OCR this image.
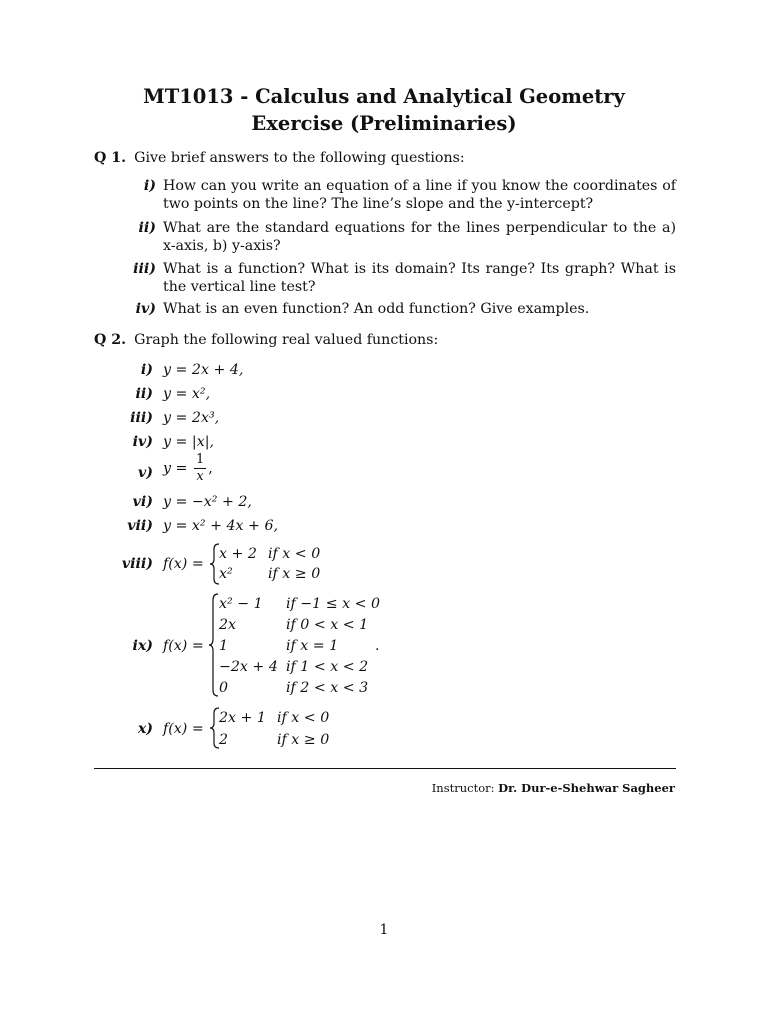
MT1013 - Calculus and Analytical Geometry
Exercise (Preliminaries)
Q 1. Give brief answers to the following questions:
i) How can you write an equation of a line if you know the coordinates of two points on the line? The line’s slope and the y-intercept?
ii) What are the standard equations for the lines perpendicular to the a) x-axis, b) y-axis?
iii) What is a function? What is its domain? Its range? Its graph? What is the vertical line test?
iv) What is an even function? An odd function? Give examples.
Q 2. Graph the following real valued functions:
i) y = 2x + 4,
ii) y = x²,
iii) y = 2x³,
iv) y = |x|,
v) $y = \frac{1}{x}$ ,
vi) y = −x² + 2,
vii) y = x² + 4x + 6,
viii) f(x) =
x + 2 if x < 0
x² if x ≥ 0
ix) f(x) =
x² − 1 if −1 ≤ x < 0
2x	if 0 < x < 1
1	if x = 1
−2x + 4 if 1 < x < 2
0	if 2 < x < 3
.
x) f(x) =
2x + 1 if x < 0
2	if x ≥ 0
Instructor: Dr. Dur-e-Shehwar Sagheer
1
